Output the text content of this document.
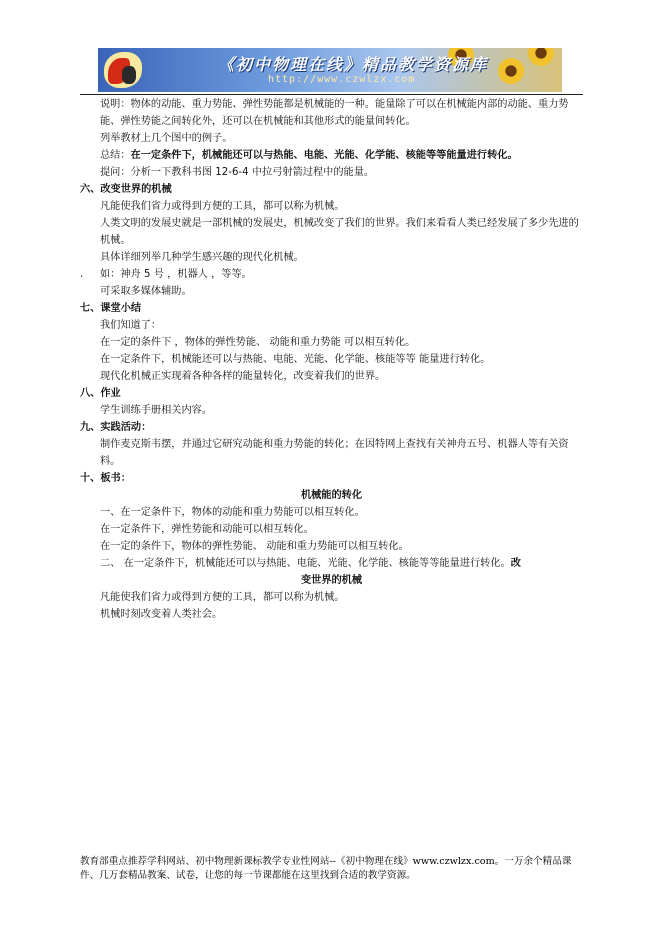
《初中物理在线》精品教学资源库
http://www.czwlzx.com
说明：物体的动能、重力势能、弹性势能都是机械能的一种。能量除了可以在机械能内部的动能、重力势能、弹性势能之间转化外，还可以在机械能和其他形式的能量间转化。
列举教材上几个图中的例子。
总结：在一定条件下，机械能还可以与热能、电能、光能、化学能、核能等等能量进行转化。
提问：分析一下教科书图 12-6-4 中拉弓射箭过程中的能量。
六、改变世界的机械
凡能使我们省力或得到方便的工具，都可以称为机械。
人类文明的发展史就是一部机械的发展史，机械改变了我们的世界。我们来看看人类已经发展了多少先进的机械。
具体详细列举几种学生感兴趣的现代化机械。
. 如：神舟 5 号 ，机器人 ，等等。
可采取多媒体辅助。
七、课堂小结
我们知道了：
在一定的条件下 ，物体的弹性势能、 动能和重力势能 可以相互转化。
在一定条件下，机械能还可以与热能、电能、光能、化学能、核能等等 能量进行转化。
现代化机械正实现着各种各样的能量转化，改变着我们的世界。
八、作业
学生训练手册相关内容。
九、实践活动：
制作麦克斯韦摆，并通过它研究动能和重力势能的转化；在因特网上查找有关神舟五号、机器人等有关资料。
十、板书：
机械能的转化
一、在一定条件下，物体的动能和重力势能可以相互转化。
在一定条件下，弹性势能和动能可以相互转化。
在一定的条件下，物体的弹性势能、 动能和重力势能可以相互转化。
二、 在一定条件下，机械能还可以与热能、电能、光能、化学能、核能等等能量进行转化。改
变世界的机械
凡能使我们省力或得到方便的工具，都可以称为机械。
机械时刻改变着人类社会。
教育部重点推荐学科网站、初中物理新课标教学专业性网站--《初中物理在线》www.czwlzx.com。一万余个精品课
件、几万套精品教案、试卷，让您的每一节课都能在这里找到合适的教学资源。
